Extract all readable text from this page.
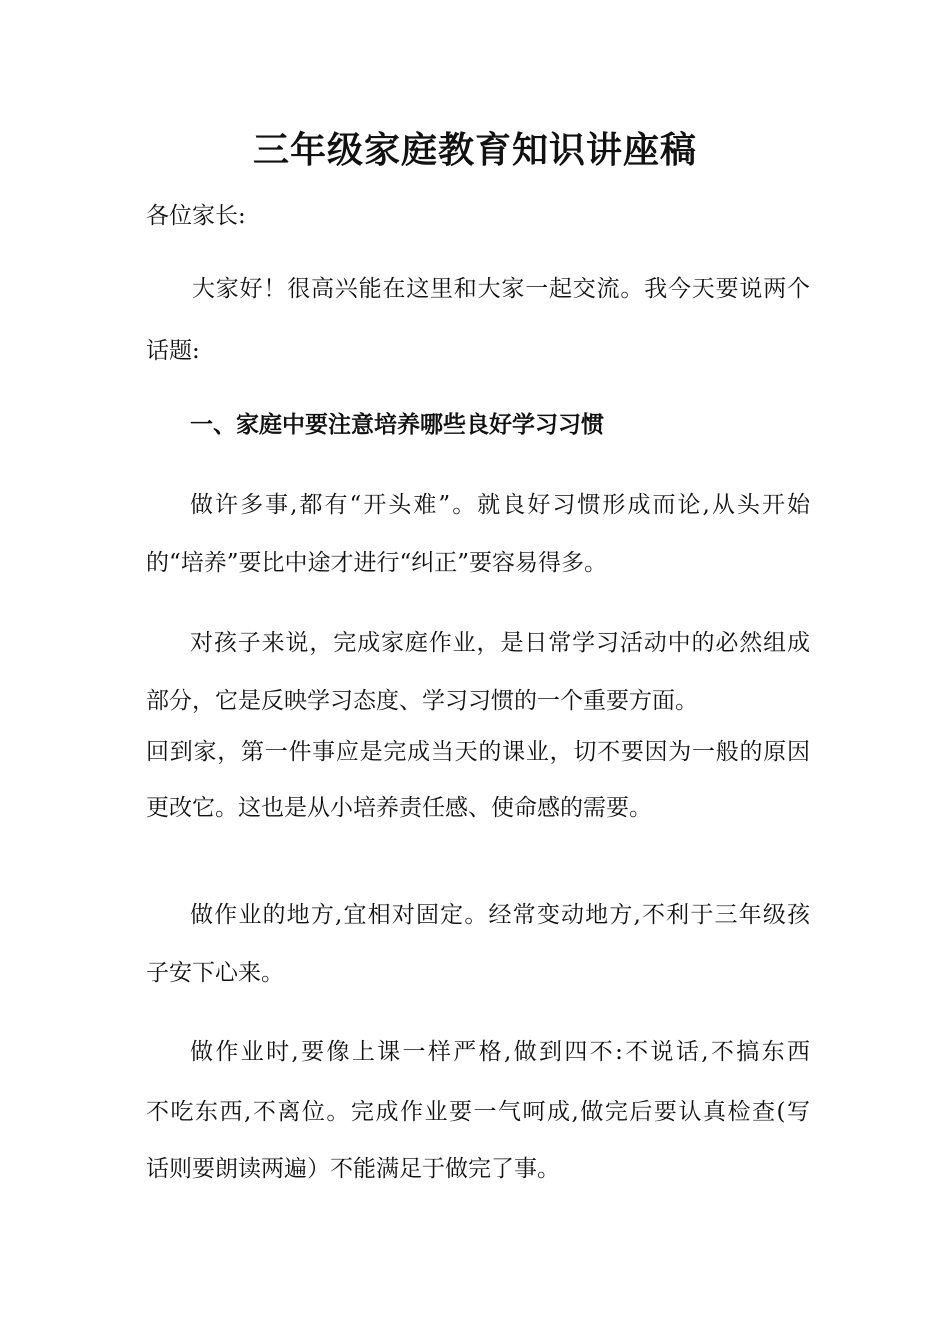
三年级家庭教育知识讲座稿

各位家长:

大家好！很高兴能在这里和大家一起交流。我今天要说两个

话题:

一、家庭中要注意培养哪些良好学习习惯

做许多事,都有“开头难”。就良好习惯形成而论,从头开始

的“培养”要比中途才进行“纠正”要容易得多。

对孩子来说，完成家庭作业，是日常学习活动中的必然组成

部分，它是反映学习态度、学习习惯的一个重要方面。

回到家，第一件事应是完成当天的课业，切不要因为一般的原因

更改它。这也是从小培养责任感、使命感的需要。

做作业的地方,宜相对固定。经常变动地方,不利于三年级孩

子安下心来。

做作业时,要像上课一样严格,做到四不:不说话,不搞东西

不吃东西,不离位。完成作业要一气呵成,做完后要认真检查(写

话则要朗读两遍）不能满足于做完了事。
